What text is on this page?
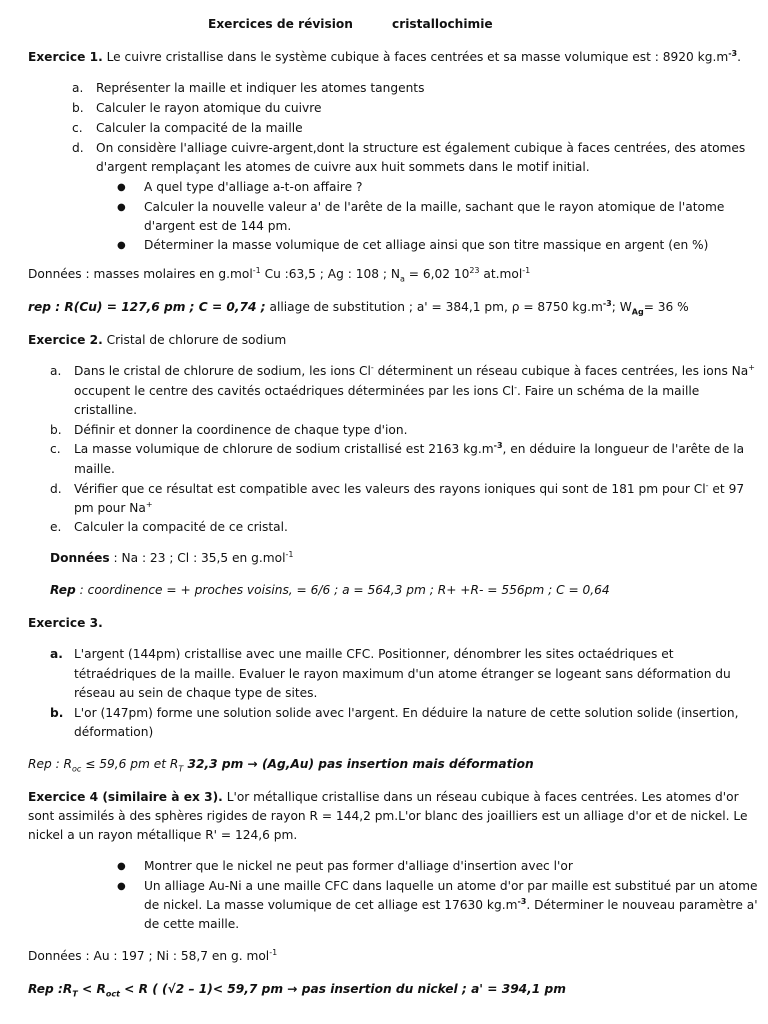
Exercices de révision	cristallochimie
Exercice 1. Le cuivre cristallise dans le système cubique à faces centrées et sa masse volumique est : 8920 $kg.m^{-3}$.
a. Représenter la maille et indiquer les atomes tangents
b. Calculer le rayon atomique du cuivre
c. Calculer la compacité de la maille
d. On considère l'alliage cuivre-argent,dont la structure est également cubique à faces centrées, des atomes
d'argent remplaçant les atomes de cuivre aux huit sommets dans le motif initial.
● A quel type d'alliage a-t-on affaire ?
● Calculer la nouvelle valeur a' de l'arête de la maille, sachant que le rayon atomique de l'atome
d'argent est de 144 pm.
● Déterminer la masse volumique de cet alliage ainsi que son titre massique en argent (en %)
Données : masses molaires en g.mol$^{-1}$ Cu :63,5 ; Ag : 108 ; $N_a = 6,02$ $10^{23}$ at.mol$^{-1}$
rep : R(Cu) = 127,6 pm ; C = 0,74 ; alliage de substitution ; a' = 384,1 pm, ρ = 8750 $kg.m^{-3}$; $W_{Ag}= 36$ %
Exercice 2. Cristal de chlorure de sodium
a. Dans le cristal de chlorure de sodium, les ions Cl- déterminent un réseau cubique à faces centrées, les ions Na+
occupent le centre des cavités octaédriques déterminées par les ions Cl-. Faire un schéma de la maille
cristalline.
b. Définir et donner la coordinence de chaque type d'ion.
c. La masse volumique de chlorure de sodium cristallisé est 2163 $kg.m^{-3}$, en déduire la longueur de l'arête de la
maille.
d. Vérifier que ce résultat est compatible avec les valeurs des rayons ioniques qui sont de 181 pm pour Cl- et 97
pm pour Na+
e. Calculer la compacité de ce cristal.
Données : Na : 23 ; Cl : 35,5 en g.mol$^{-1}$
Rep : coordinence = + proches voisins, = 6/6 ; a = 564,3 pm ; R+ +R- = 556pm ; C = 0,64
Exercice 3.
a. L'argent (144pm) cristallise avec une maille CFC. Positionner, dénombrer les sites octaédriques et
tétraédriques de la maille. Evaluer le rayon maximum d'un atome étranger se logeant sans déformation du
réseau au sein de chaque type de sites.
b. L'or (147pm) forme une solution solide avec l'argent. En déduire la nature de cette solution solide (insertion,
déformation)
Rep : $R_{oc} \le 59,6$ pm et $R_T$ 32,3 pm → (Ag,Au) pas insertion mais déformation
Exercice 4 (similaire à ex 3). L'or métallique cristallise dans un réseau cubique à faces centrées. Les atomes d'or
sont assimilés à des sphères rigides de rayon R = 144,2 pm.L'or blanc des joailliers est un alliage d'or et de nickel. Le
nickel a un rayon métallique R' = 124,6 pm.
● Montrer que le nickel ne peut pas former d'alliage d'insertion avec l'or
● Un alliage Au-Ni a une maille CFC dans laquelle un atome d'or par maille est substitué par un atome
de nickel. La masse volumique de cet alliage est 17630 $kg.m^{-3}$. Déterminer le nouveau paramètre a'
de cette maille.
Données : Au : 197 ; Ni : 58,7 en g. mol$^{-1}$
Rep $:R_T < R_{oct} < R$ ( (√2 – 1)< 59,7 pm → pas insertion du nickel ; a' = 394,1 pm
